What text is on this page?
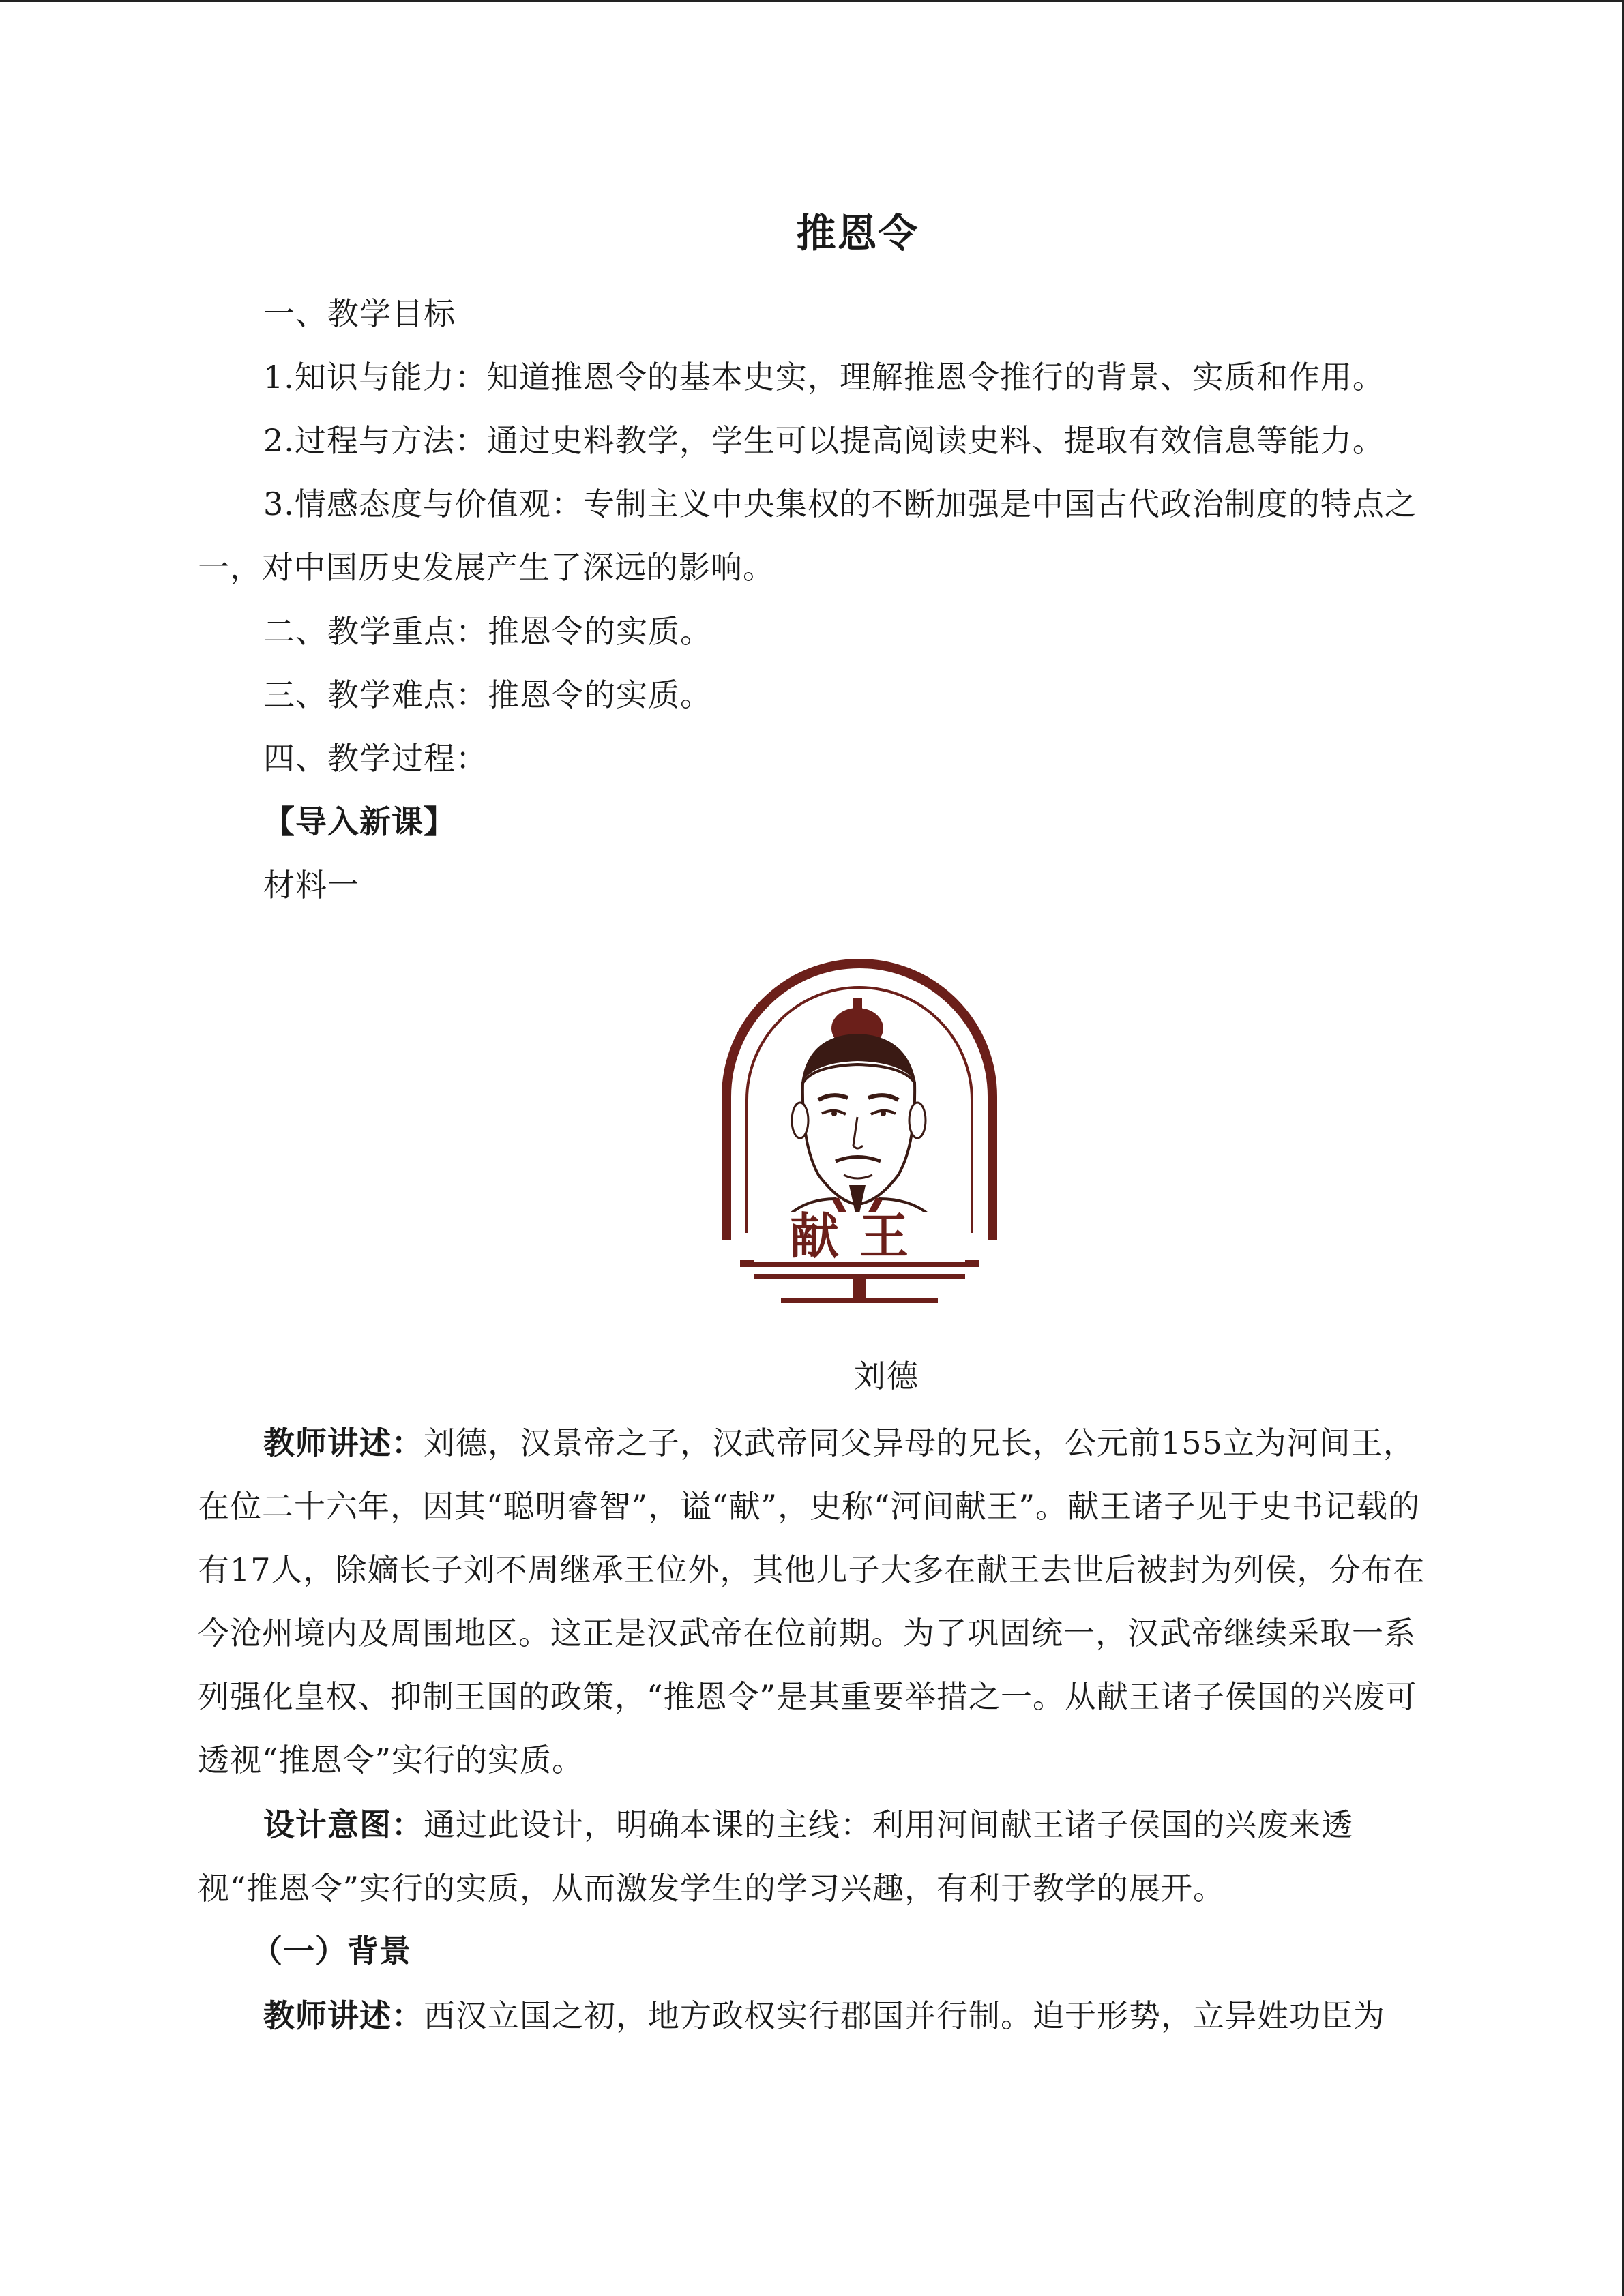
推恩令

一、教学目标

1.知识与能力：知道推恩令的基本史实，理解推恩令推行的背景、实质和作用。

2.过程与方法：通过史料教学，学生可以提高阅读史料、提取有效信息等能力。

3.情感态度与价值观：专制主义中央集权的不断加强是中国古代政治制度的特点之一，对中国历史发展产生了深远的影响。

二、教学重点：推恩令的实质。

三、教学难点：推恩令的实质。

四、教学过程：

【导入新课】

材料一

献王
刘德

教师讲述：刘德，汉景帝之子，汉武帝同父异母的兄长，公元前155立为河间王，在位二十六年，因其“聪明睿智”，谥“献”，史称“河间献王”。献王诸子见于史书记载的有17人，除嫡长子刘不周继承王位外，其他儿子大多在献王去世后被封为列侯，分布在今沧州境内及周围地区。这正是汉武帝在位前期。为了巩固统一，汉武帝继续采取一系列强化皇权、抑制王国的政策，“推恩令”是其重要举措之一。从献王诸子侯国的兴废可透视“推恩令”实行的实质。

设计意图：通过此设计，明确本课的主线：利用河间献王诸子侯国的兴废来透视“推恩令”实行的实质，从而激发学生的学习兴趣，有利于教学的展开。

（一）背景

教师讲述：西汉立国之初，地方政权实行郡国并行制。迫于形势，立异姓功臣为
